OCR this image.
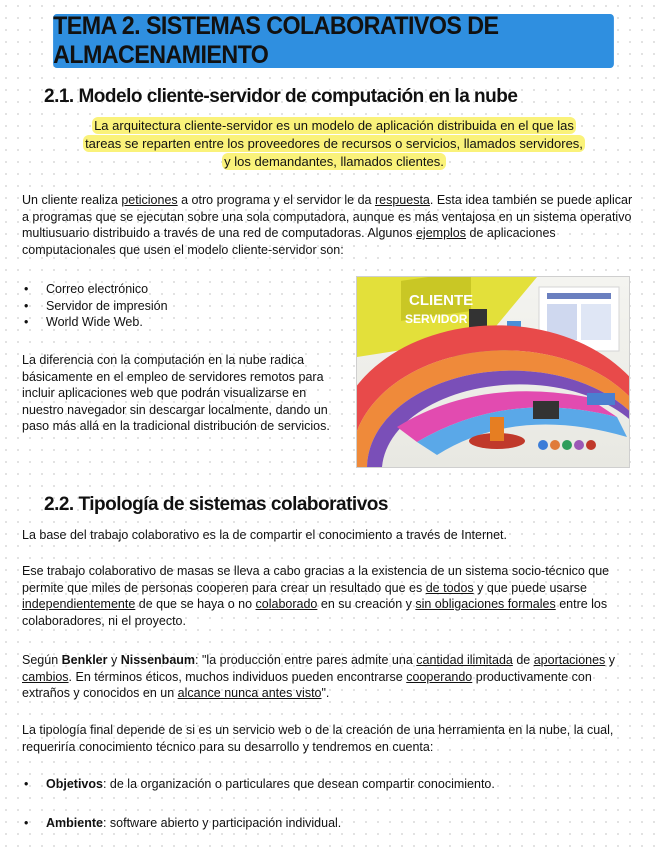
TEMA 2. SISTEMAS COLABORATIVOS DE ALMACENAMIENTO
2.1. Modelo cliente-servidor de computación en la nube
La arquitectura cliente-servidor es un modelo de aplicación distribuida en el que las
tareas se reparten entre los proveedores de recursos o servicios, llamados servidores,
y los demandantes, llamados clientes.
Un cliente realiza peticiones a otro programa y el servidor le da respuesta. Esta idea también se puede aplicar a programas que se ejecutan sobre una sola computadora, aunque es más ventajosa en un sistema operativo multiusuario distribuido a través de una red de computadoras. Algunos ejemplos de aplicaciones computacionales que usen el modelo cliente-servidor son:
• Correo electrónico
• Servidor de impresión
• World Wide Web.
La diferencia con la computación en la nube radica básicamente en el empleo de servidores remotos para incluir aplicaciones web que podrán visualizarse en nuestro navegador sin descargar localmente, dando un paso más allá en la tradicional distribución de servicios.
CLIENTE
SERVIDOR
2.2. Tipología de sistemas colaborativos
La base del trabajo colaborativo es la de compartir el conocimiento a través de Internet.
Ese trabajo colaborativo de masas se lleva a cabo gracias a la existencia de un sistema socio-técnico que permite que miles de personas cooperen para crear un resultado que es de todos y que puede usarse independientemente de que se haya o no colaborado en su creación y sin obligaciones formales entre los colaboradores, ni el proyecto.
Según Benkler y Nissenbaum: "la producción entre pares admite una cantidad ilimitada de aportaciones y cambios. En términos éticos, muchos individuos pueden encontrarse cooperando productivamente con extraños y conocidos en un alcance nunca antes visto".
La tipología final depende de si es un servicio web o de la creación de una herramienta en la nube, la cual, requeriría conocimiento técnico para su desarrollo y tendremos en cuenta:
• Objetivos: de la organización o particulares que desean compartir conocimiento.
• Ambiente: software abierto y participación individual.
